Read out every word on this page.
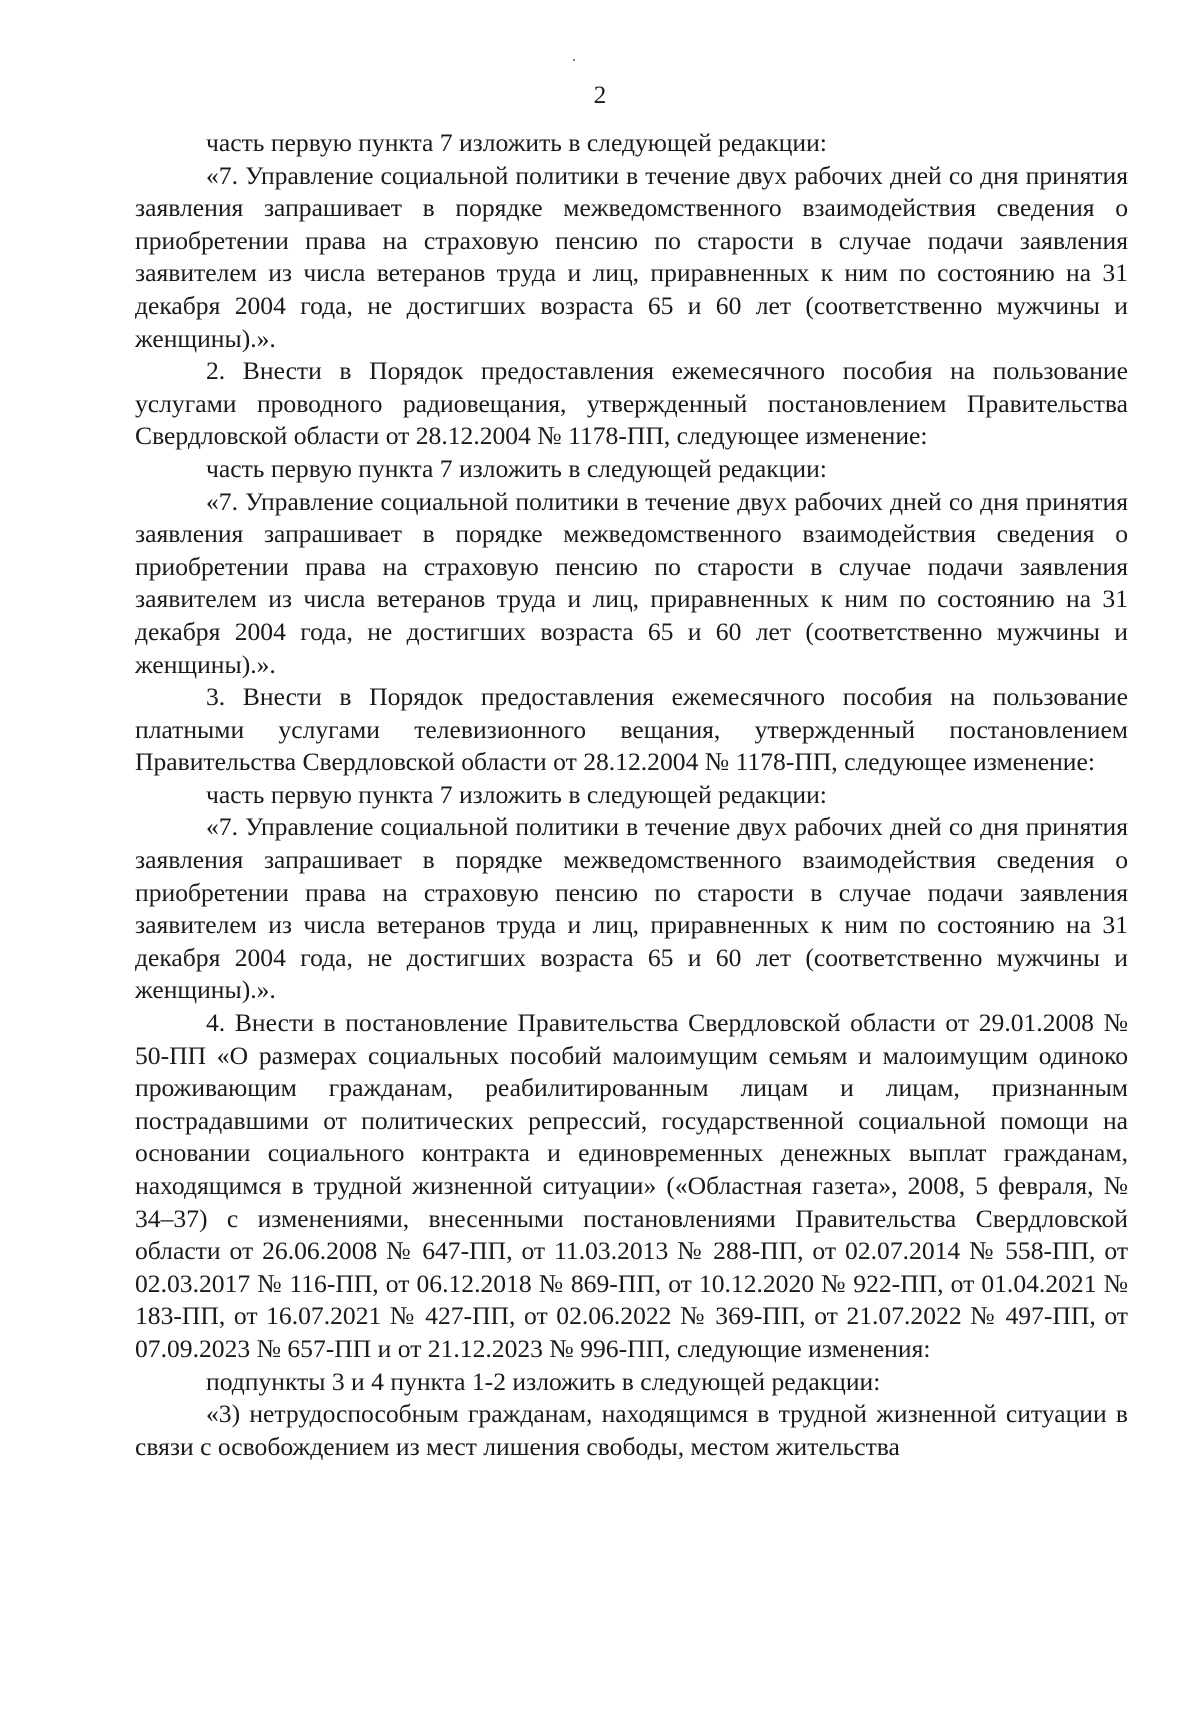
2

часть первую пункта 7 изложить в следующей редакции:

«7. Управление социальной политики в течение двух рабочих дней со дня принятия заявления запрашивает в порядке межведомственного взаимодействия сведения о приобретении права на страховую пенсию по старости в случае подачи заявления заявителем из числа ветеранов труда и лиц, приравненных к ним по состоянию на 31 декабря 2004 года, не достигших возраста 65 и 60 лет (соответственно мужчины и женщины).».

2. Внести в Порядок предоставления ежемесячного пособия на пользование услугами проводного радиовещания, утвержденный постановлением Правительства Свердловской области от 28.12.2004 № 1178-ПП, следующее изменение:

часть первую пункта 7 изложить в следующей редакции:

«7. Управление социальной политики в течение двух рабочих дней со дня принятия заявления запрашивает в порядке межведомственного взаимодействия сведения о приобретении права на страховую пенсию по старости в случае подачи заявления заявителем из числа ветеранов труда и лиц, приравненных к ним по состоянию на 31 декабря 2004 года, не достигших возраста 65 и 60 лет (соответственно мужчины и женщины).».

3. Внести в Порядок предоставления ежемесячного пособия на пользование платными услугами телевизионного вещания, утвержденный постановлением Правительства Свердловской области от 28.12.2004 № 1178-ПП, следующее изменение:

часть первую пункта 7 изложить в следующей редакции:

«7. Управление социальной политики в течение двух рабочих дней со дня принятия заявления запрашивает в порядке межведомственного взаимодействия сведения о приобретении права на страховую пенсию по старости в случае подачи заявления заявителем из числа ветеранов труда и лиц, приравненных к ним по состоянию на 31 декабря 2004 года, не достигших возраста 65 и 60 лет (соответственно мужчины и женщины).».

4. Внести в постановление Правительства Свердловской области от 29.01.2008 № 50-ПП «О размерах социальных пособий малоимущим семьям и малоимущим одиноко проживающим гражданам, реабилитированным лицам и лицам, признанным пострадавшими от политических репрессий, государственной социальной помощи на основании социального контракта и единовременных денежных выплат гражданам, находящимся в трудной жизненной ситуации» («Областная газета», 2008, 5 февраля, № 34–37) с изменениями, внесенными постановлениями Правительства Свердловской области от 26.06.2008 № 647-ПП, от 11.03.2013 № 288-ПП, от 02.07.2014 № 558-ПП, от 02.03.2017 № 116-ПП, от 06.12.2018 № 869-ПП, от 10.12.2020 № 922-ПП, от 01.04.2021 № 183-ПП, от 16.07.2021 № 427-ПП, от 02.06.2022 № 369-ПП, от 21.07.2022 № 497-ПП, от 07.09.2023 № 657-ПП и от 21.12.2023 № 996-ПП, следующие изменения:

подпункты 3 и 4 пункта 1-2 изложить в следующей редакции:

«3) нетрудоспособным гражданам, находящимся в трудной жизненной ситуации в связи с освобождением из мест лишения свободы, местом жительства
